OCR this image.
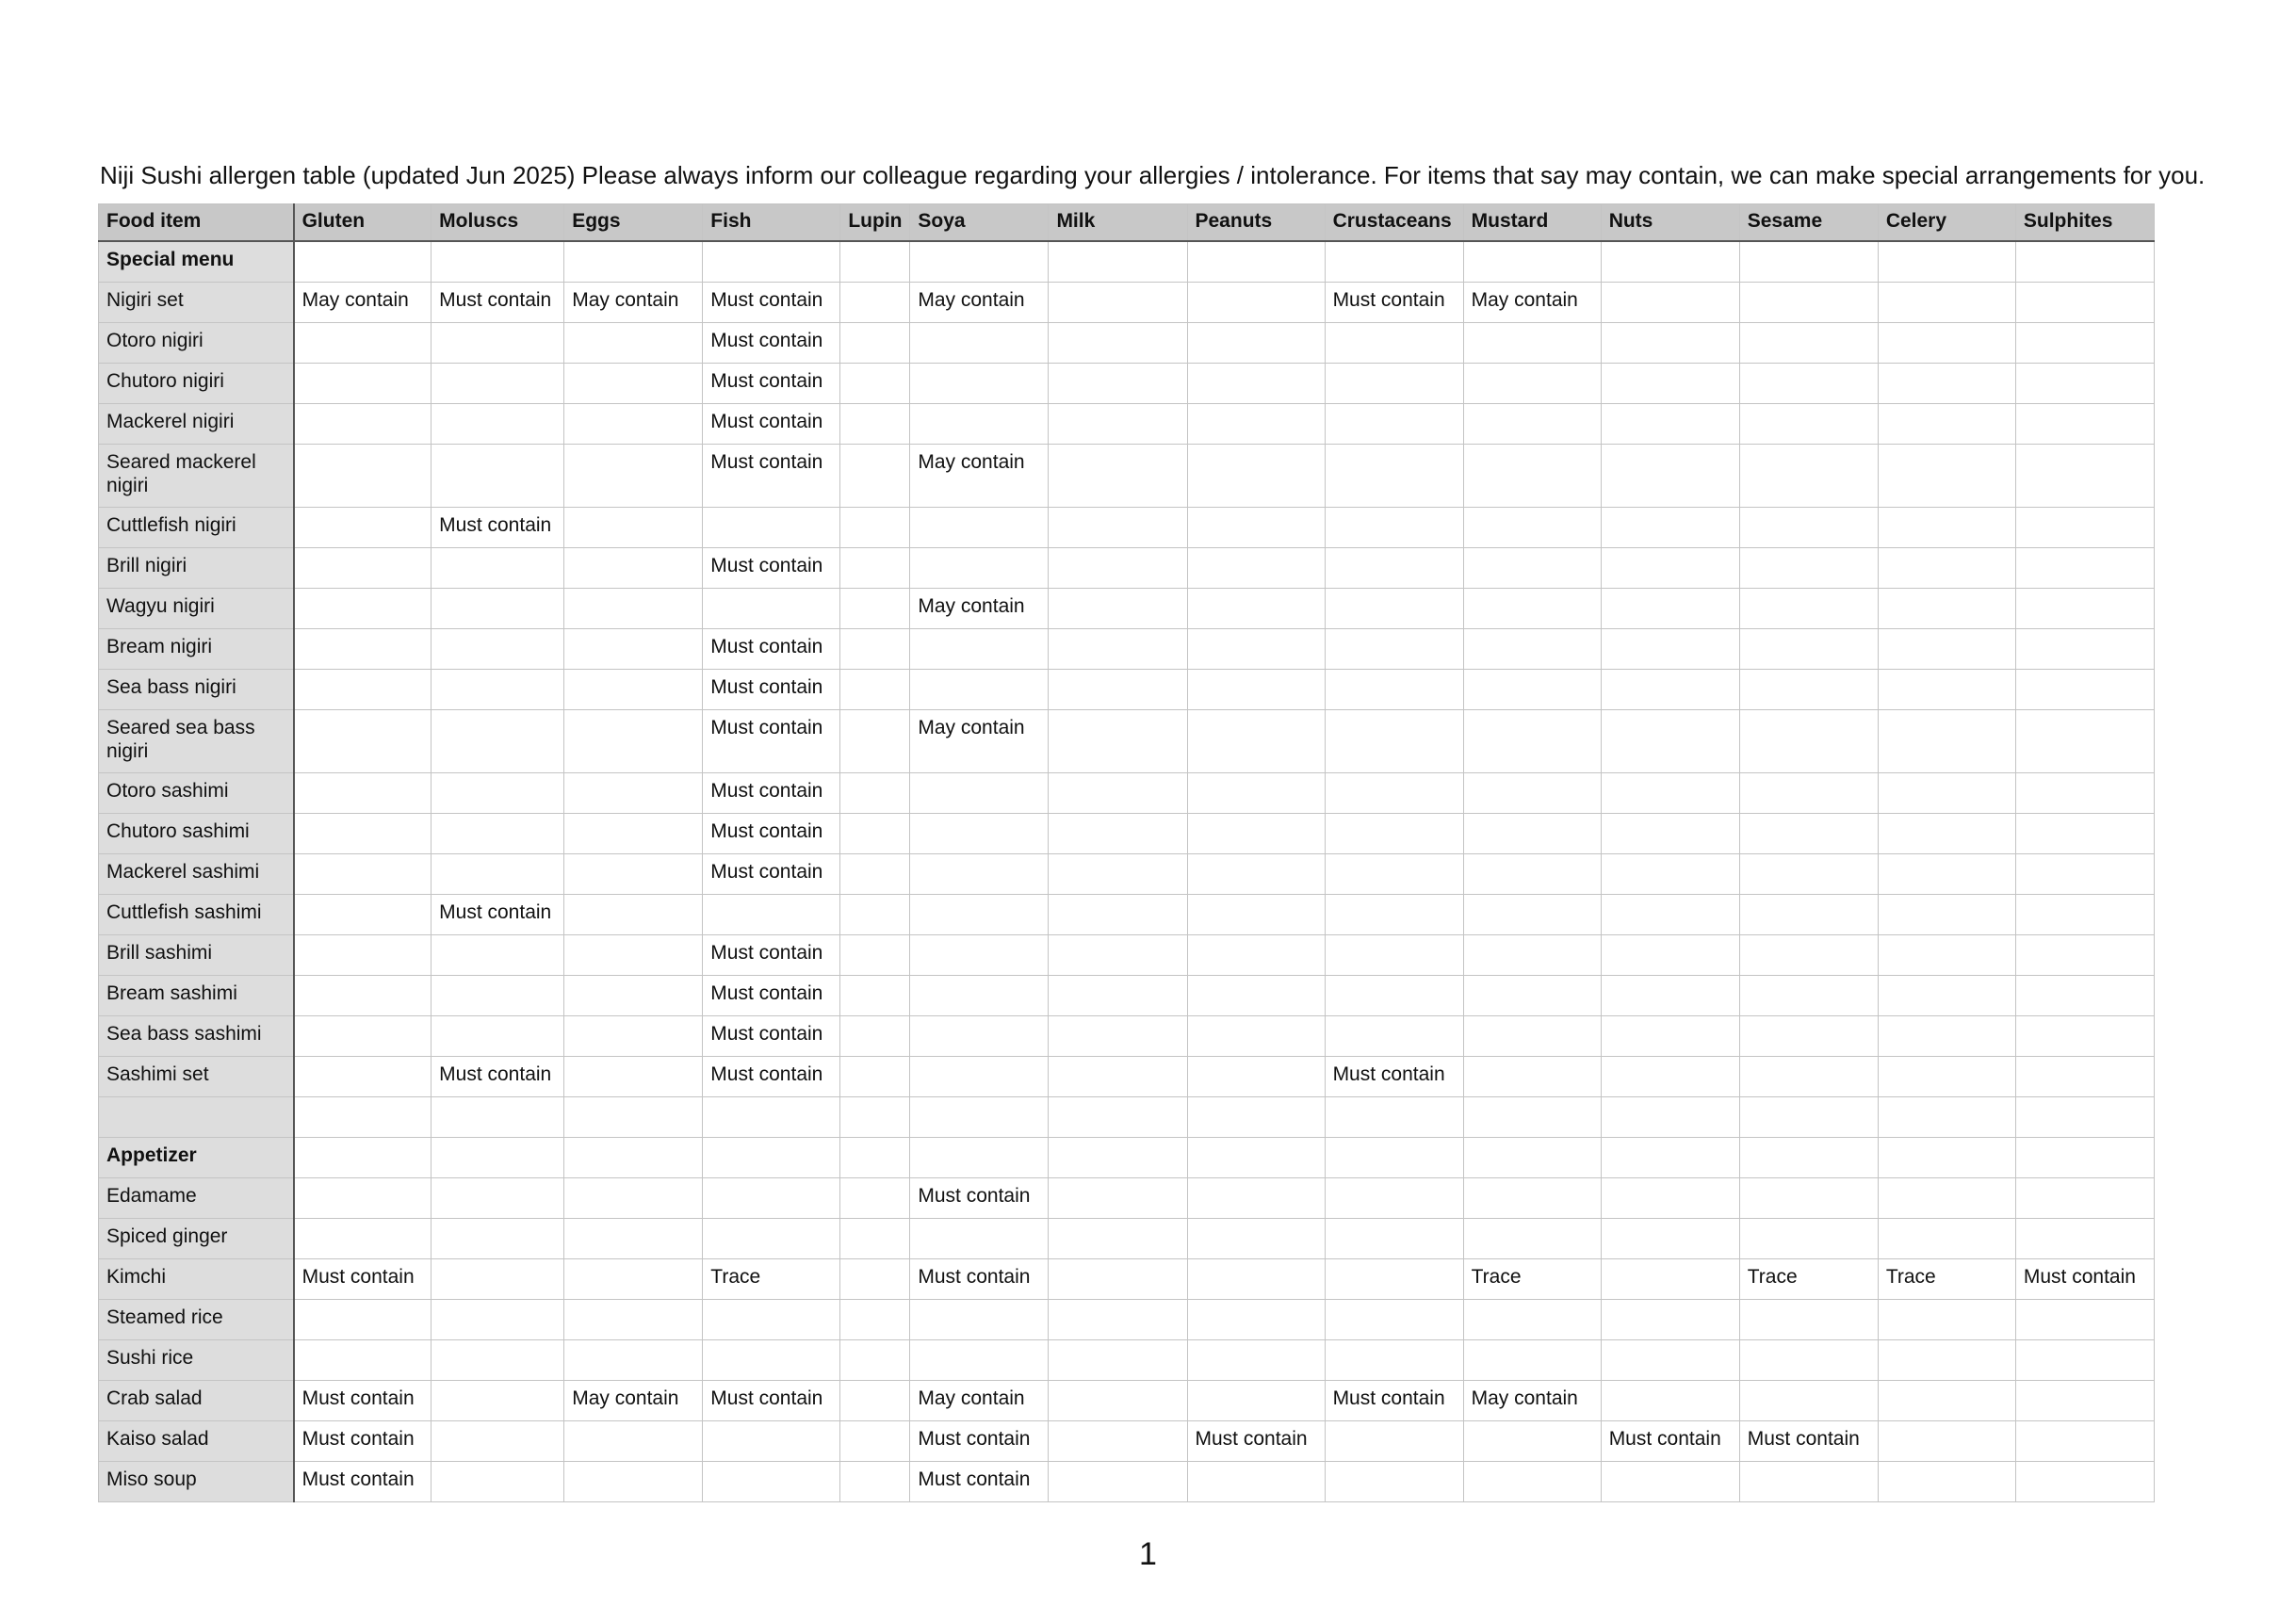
Niji Sushi allergen table (updated Jun 2025) Please always inform our colleague regarding your allergies / intolerance. For items that say may contain, we can make special arrangements for you.
Food item	Gluten	Moluscs	Eggs	Fish	Lupin	Soya	Milk	Peanuts	Crustaceans	Mustard	Nuts	Sesame	Celery	Sulphites
Special menu														
Nigiri set	May contain	Must contain	May contain	Must contain		May contain			Must contain	May contain				
Otoro nigiri				Must contain										
Chutoro nigiri				Must contain										
Mackerel nigiri				Must contain										
Seared mackerel nigiri				Must contain		May contain								
Cuttlefish nigiri		Must contain												
Brill nigiri				Must contain										
Wagyu nigiri						May contain								
Bream nigiri				Must contain										
Sea bass nigiri				Must contain										
Seared sea bass nigiri				Must contain		May contain								
Otoro sashimi				Must contain										
Chutoro sashimi				Must contain										
Mackerel sashimi				Must contain										
Cuttlefish sashimi		Must contain												
Brill sashimi				Must contain										
Bream sashimi				Must contain										
Sea bass sashimi				Must contain										
Sashimi set		Must contain		Must contain					Must contain					

Appetizer														
Edamame						Must contain								
Spiced ginger														
Kimchi	Must contain			Trace		Must contain				Trace		Trace	Trace	Must contain
Steamed rice														
Sushi rice														
Crab salad	Must contain		May contain	Must contain		May contain			Must contain	May contain				
Kaiso salad	Must contain					Must contain		Must contain			Must contain	Must contain		
Miso soup	Must contain					Must contain								
1
